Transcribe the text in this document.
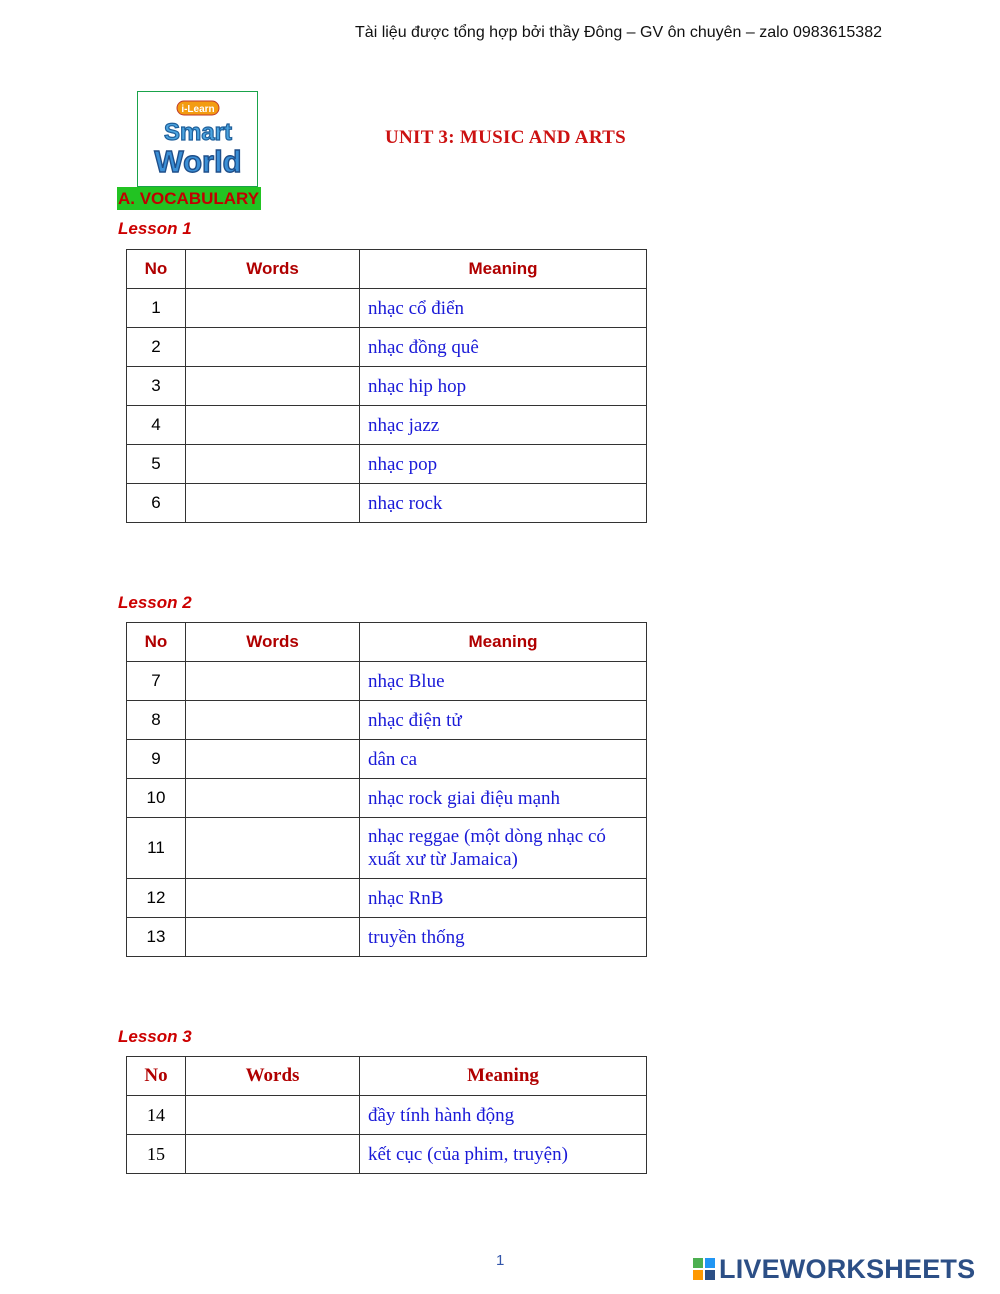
Tài liệu được tổng hợp bởi thầy Đông – GV ôn chuyên – zalo 0983615382
i-Learn
Smart
World
UNIT 3: MUSIC AND ARTS
A. VOCABULARY
Lesson 1
No	Words	Meaning
1		nhạc cổ điển
2		nhạc đồng quê
3		nhạc hip hop
4		nhạc jazz
5		nhạc pop
6		nhạc rock
Lesson 2
No	Words	Meaning
7		nhạc Blue
8		nhạc điện tử
9		dân ca
10		nhạc rock giai điệu mạnh
11		nhạc reggae (một dòng nhạc có xuất xư từ Jamaica)
12		nhạc RnB
13		truyền thống
Lesson 3
No	Words	Meaning
14		đầy tính hành động
15		kết cục (của phim, truyện)
1	LIVEWORKSHEETS
